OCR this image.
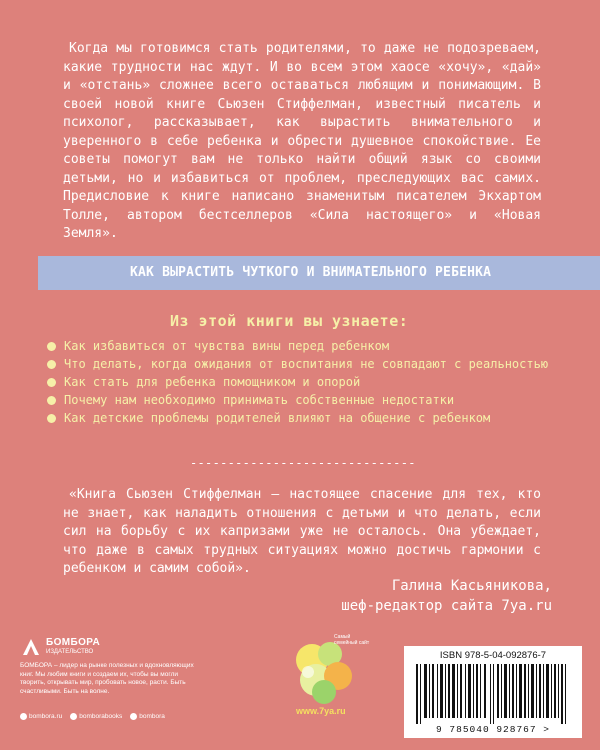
Когда мы готовимся стать родителями, то даже не подозреваем, какие трудности нас ждут. И во всем этом хаосе «хочу», «дай» и «отстань» сложнее всего оставаться любящим и понимающим. В своей новой книге Сьюзен Стиффелман, известный писатель и психолог, рассказывает, как вырастить внимательного и уверенного в себе ребенка и обрести душевное спокойствие. Ее советы помогут вам не только найти общий язык со своими детьми, но и избавиться от проблем, преследующих вас самих. Предисловие к книге написано знаменитым писателем Экхартом Толле, автором бестселлеров «Сила настоящего» и «Новая Земля».
КАК ВЫРАСТИТЬ ЧУТКОГО И ВНИМАТЕЛЬНОГО РЕБЕНКА
Из этой книги вы узнаете:
Как избавиться от чувства вины перед ребенком
Что делать, когда ожидания от воспитания не совпадают с реальностью
Как стать для ребенка помощником и опорой
Почему нам необходимо принимать собственные недостатки
Как детские проблемы родителей влияют на общение с ребенком
------------------------------
«Книга Сьюзен Стиффелман — настоящее спасение для тех, кто не знает, как наладить отношения с детьми и что делать, если сил на борьбу с их капризами уже не осталось. Она убеждает, что даже в самых трудных ситуациях можно достичь гармонии с ребенком и самим собой».
Галина Касьяникова,
шеф-редактор сайта 7ya.ru
БОМБОРА
ИЗДАТЕЛЬСТВО
БОМБОРА – лидер на рынке полезных и вдохновляющих книг. Мы любим книги и создаем их, чтобы вы могли творить, открывать мир, пробовать новое, расти. Быть счастливыми. Быть на волне.
bombora.ru	bomborabooks	bombora
Самый семейный сайт
www.7ya.ru
ISBN 978-5-04-092876-7
9 785040 928767 >
